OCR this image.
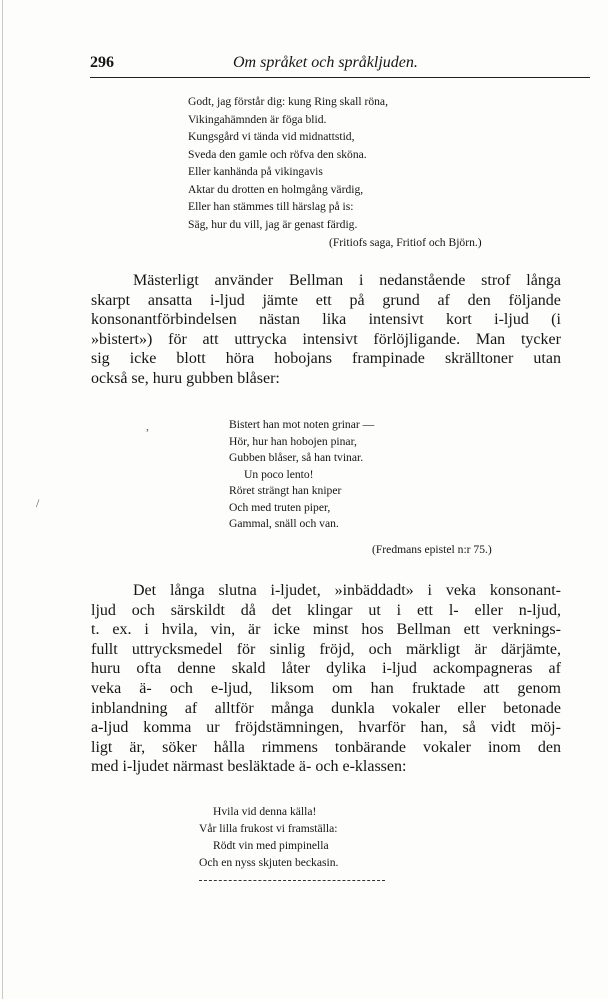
296	Om språket och språkljuden.
Godt, jag förstår dig: kung Ring skall röna,
Vikingahämnden är föga blid.
Kungsgård vi tända vid midnattstid,
Sveda den gamle och röfva den sköna.
Eller kanhända på vikingavis
Aktar du drotten en holmgång värdig,
Eller han stämmes till härslag på is:
Säg, hur du vill, jag är genast färdig.
(Fritiofs saga, Fritiof och Björn.)
Mästerligt använder Bellman i nedanstående strof långa
skarpt ansatta i-ljud jämte ett på grund af den följande
konsonantförbindelsen nästan lika intensivt kort i-ljud (i
»bistert») för att uttrycka intensivt förlöjligande. Man tycker
sig icke blott höra hobojans frampinade skrälltoner utan
också se, huru gubben blåser:
Bistert han mot noten grinar —
Hör, hur han hobojen pinar,
Gubben blåser, så han tvinar.
Un poco lento!
Röret strängt han kniper
Och med truten piper,
Gammal, snäll och van.
(Fredmans epistel n:r 75.)
Det långa slutna i-ljudet, »inbäddadt» i veka konsonant-
ljud och särskildt då det klingar ut i ett l- eller n-ljud,
t. ex. i hvila, vin, är icke minst hos Bellman ett verknings-
fullt uttrycksmedel för sinlig fröjd, och märkligt är därjämte,
huru ofta denne skald låter dylika i-ljud ackompagneras af
veka ä- och e-ljud, liksom om han fruktade att genom
inblandning af alltför många dunkla vokaler eller betonade
a-ljud komma ur fröjdstämningen, hvarför han, så vidt möj-
ligt är, söker hålla rimmens tonbärande vokaler inom den
med i-ljudet närmast besläktade ä- och e-klassen:
Hvila vid denna källa!
Vår lilla frukost vi framställa:
Rödt vin med pimpinella
Och en nyss skjuten beckasin.
,
/
